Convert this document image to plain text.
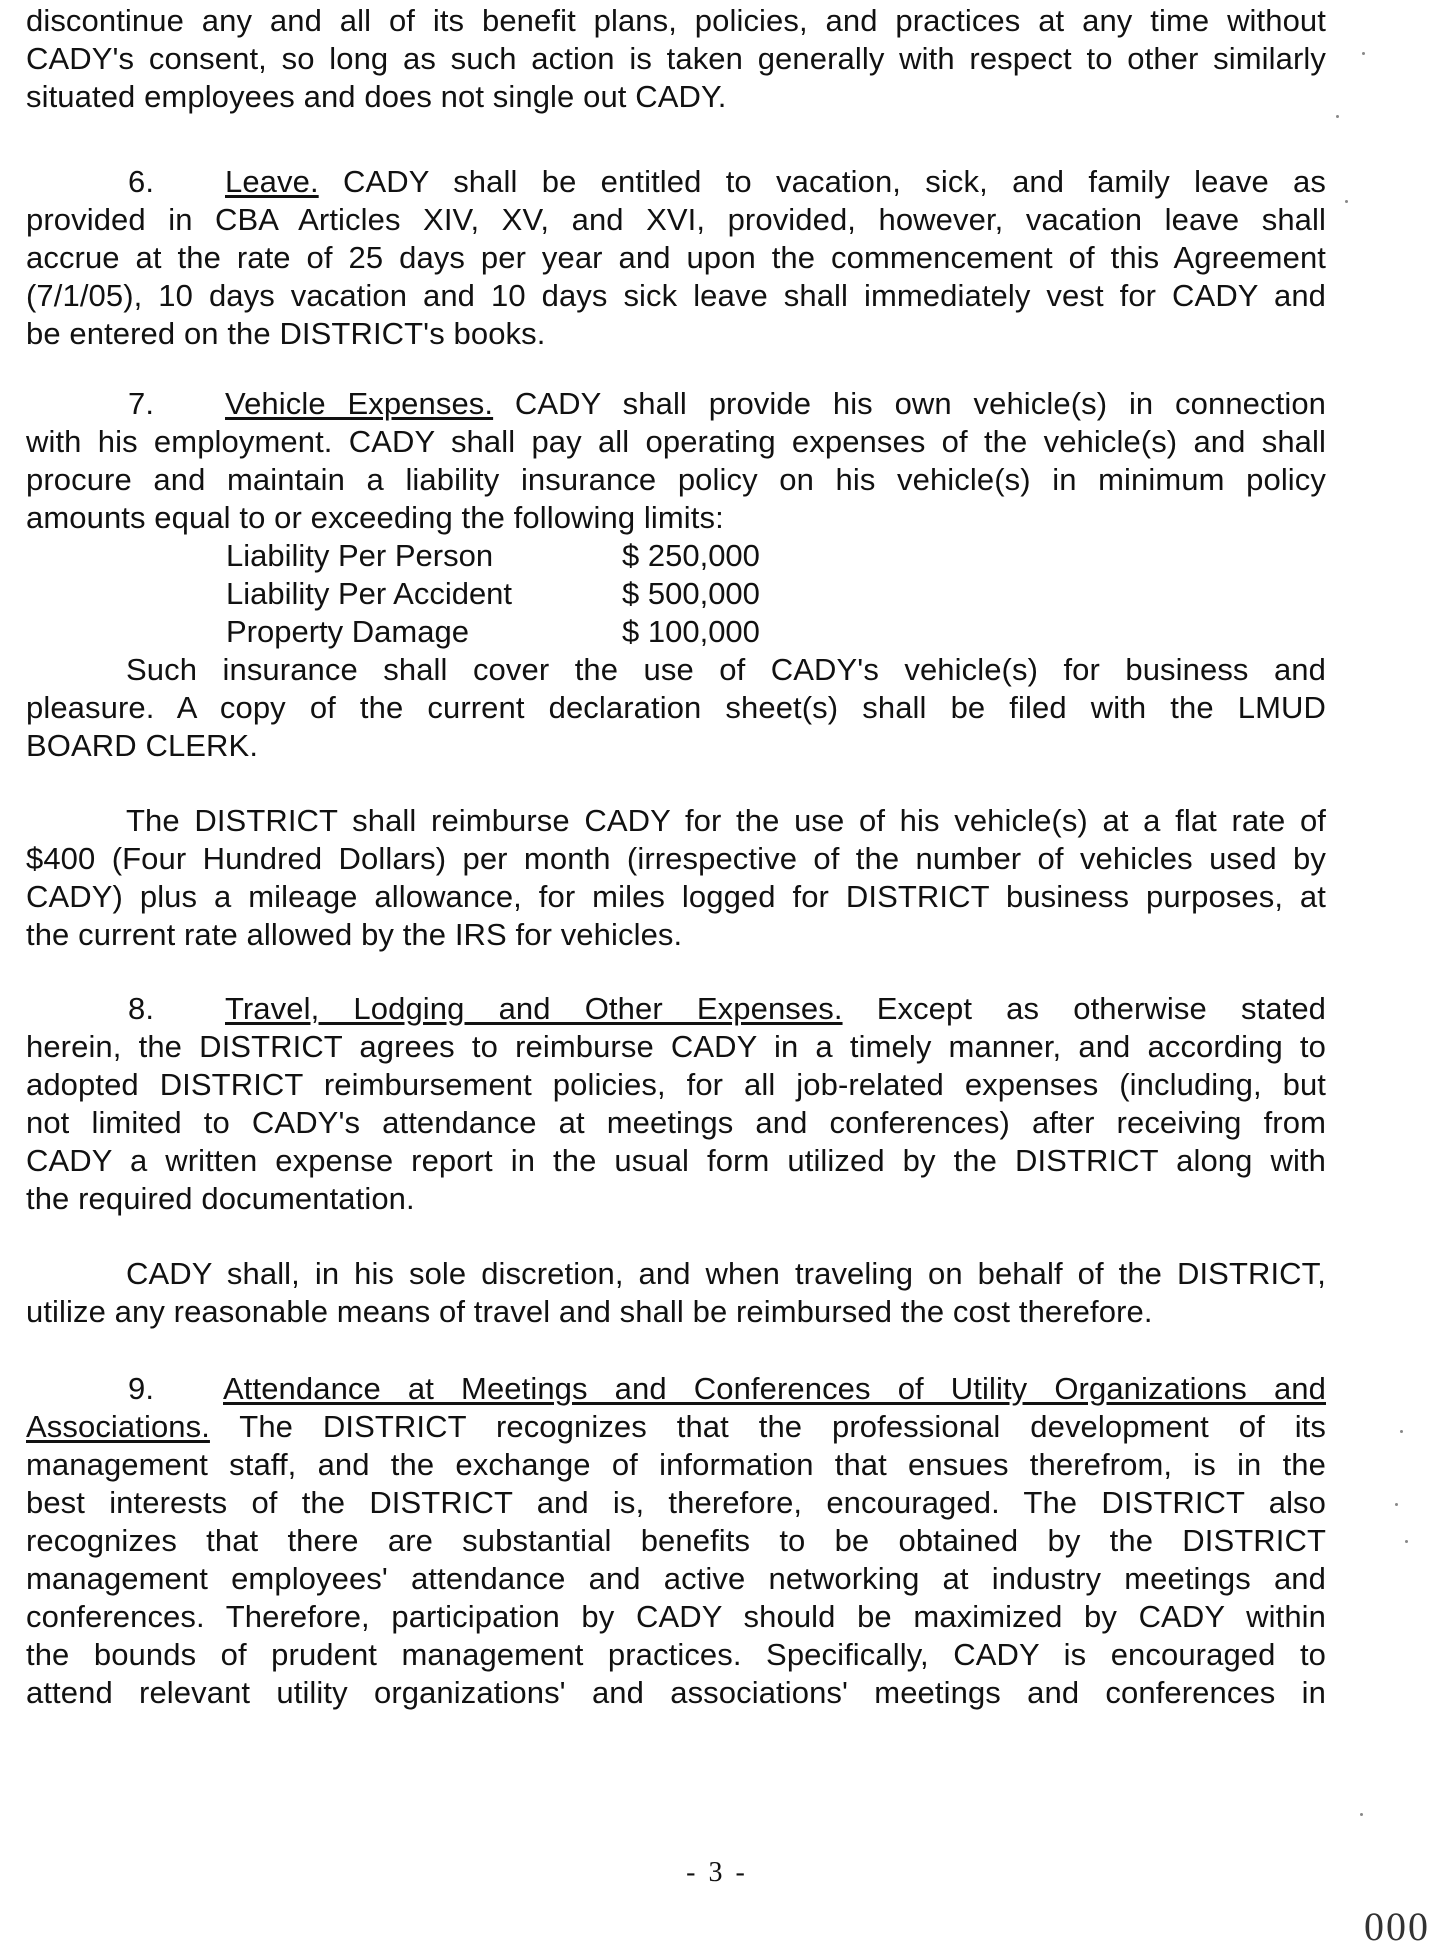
discontinue any and all of its benefit plans, policies, and practices at any time without
CADY's consent, so long as such action is taken generally with respect to other similarly
situated employees and does not single out CADY.
6. Leave. CADY shall be entitled to vacation, sick, and family leave as
provided in CBA Articles XIV, XV, and XVI, provided, however, vacation leave shall
accrue at the rate of 25 days per year and upon the commencement of this Agreement
(7/1/05), 10 days vacation and 10 days sick leave shall immediately vest for CADY and
be entered on the DISTRICT's books.
7. Vehicle Expenses. CADY shall provide his own vehicle(s) in connection
with his employment. CADY shall pay all operating expenses of the vehicle(s) and shall
procure and maintain a liability insurance policy on his vehicle(s) in minimum policy
amounts equal to or exceeding the following limits:
Liability Per Person	$ 250,000
Liability Per Accident	$ 500,000
Property Damage	$ 100,000
Such insurance shall cover the use of CADY's vehicle(s) for business and
pleasure. A copy of the current declaration sheet(s) shall be filed with the LMUD
BOARD CLERK.
The DISTRICT shall reimburse CADY for the use of his vehicle(s) at a flat rate of
$400 (Four Hundred Dollars) per month (irrespective of the number of vehicles used by
CADY) plus a mileage allowance, for miles logged for DISTRICT business purposes, at
the current rate allowed by the IRS for vehicles.
8. Travel, Lodging and Other Expenses. Except as otherwise stated
herein, the DISTRICT agrees to reimburse CADY in a timely manner, and according to
adopted DISTRICT reimbursement policies, for all job-related expenses (including, but
not limited to CADY's attendance at meetings and conferences) after receiving from
CADY a written expense report in the usual form utilized by the DISTRICT along with
the required documentation.
CADY shall, in his sole discretion, and when traveling on behalf of the DISTRICT,
utilize any reasonable means of travel and shall be reimbursed the cost therefore.
9. Attendance at Meetings and Conferences of Utility Organizations and
Associations. The DISTRICT recognizes that the professional development of its
management staff, and the exchange of information that ensues therefrom, is in the
best interests of the DISTRICT and is, therefore, encouraged. The DISTRICT also
recognizes that there are substantial benefits to be obtained by the DISTRICT
management employees' attendance and active networking at industry meetings and
conferences. Therefore, participation by CADY should be maximized by CADY within
the bounds of prudent management practices. Specifically, CADY is encouraged to
attend relevant utility organizations' and associations' meetings and conferences in
- 3 -
000
